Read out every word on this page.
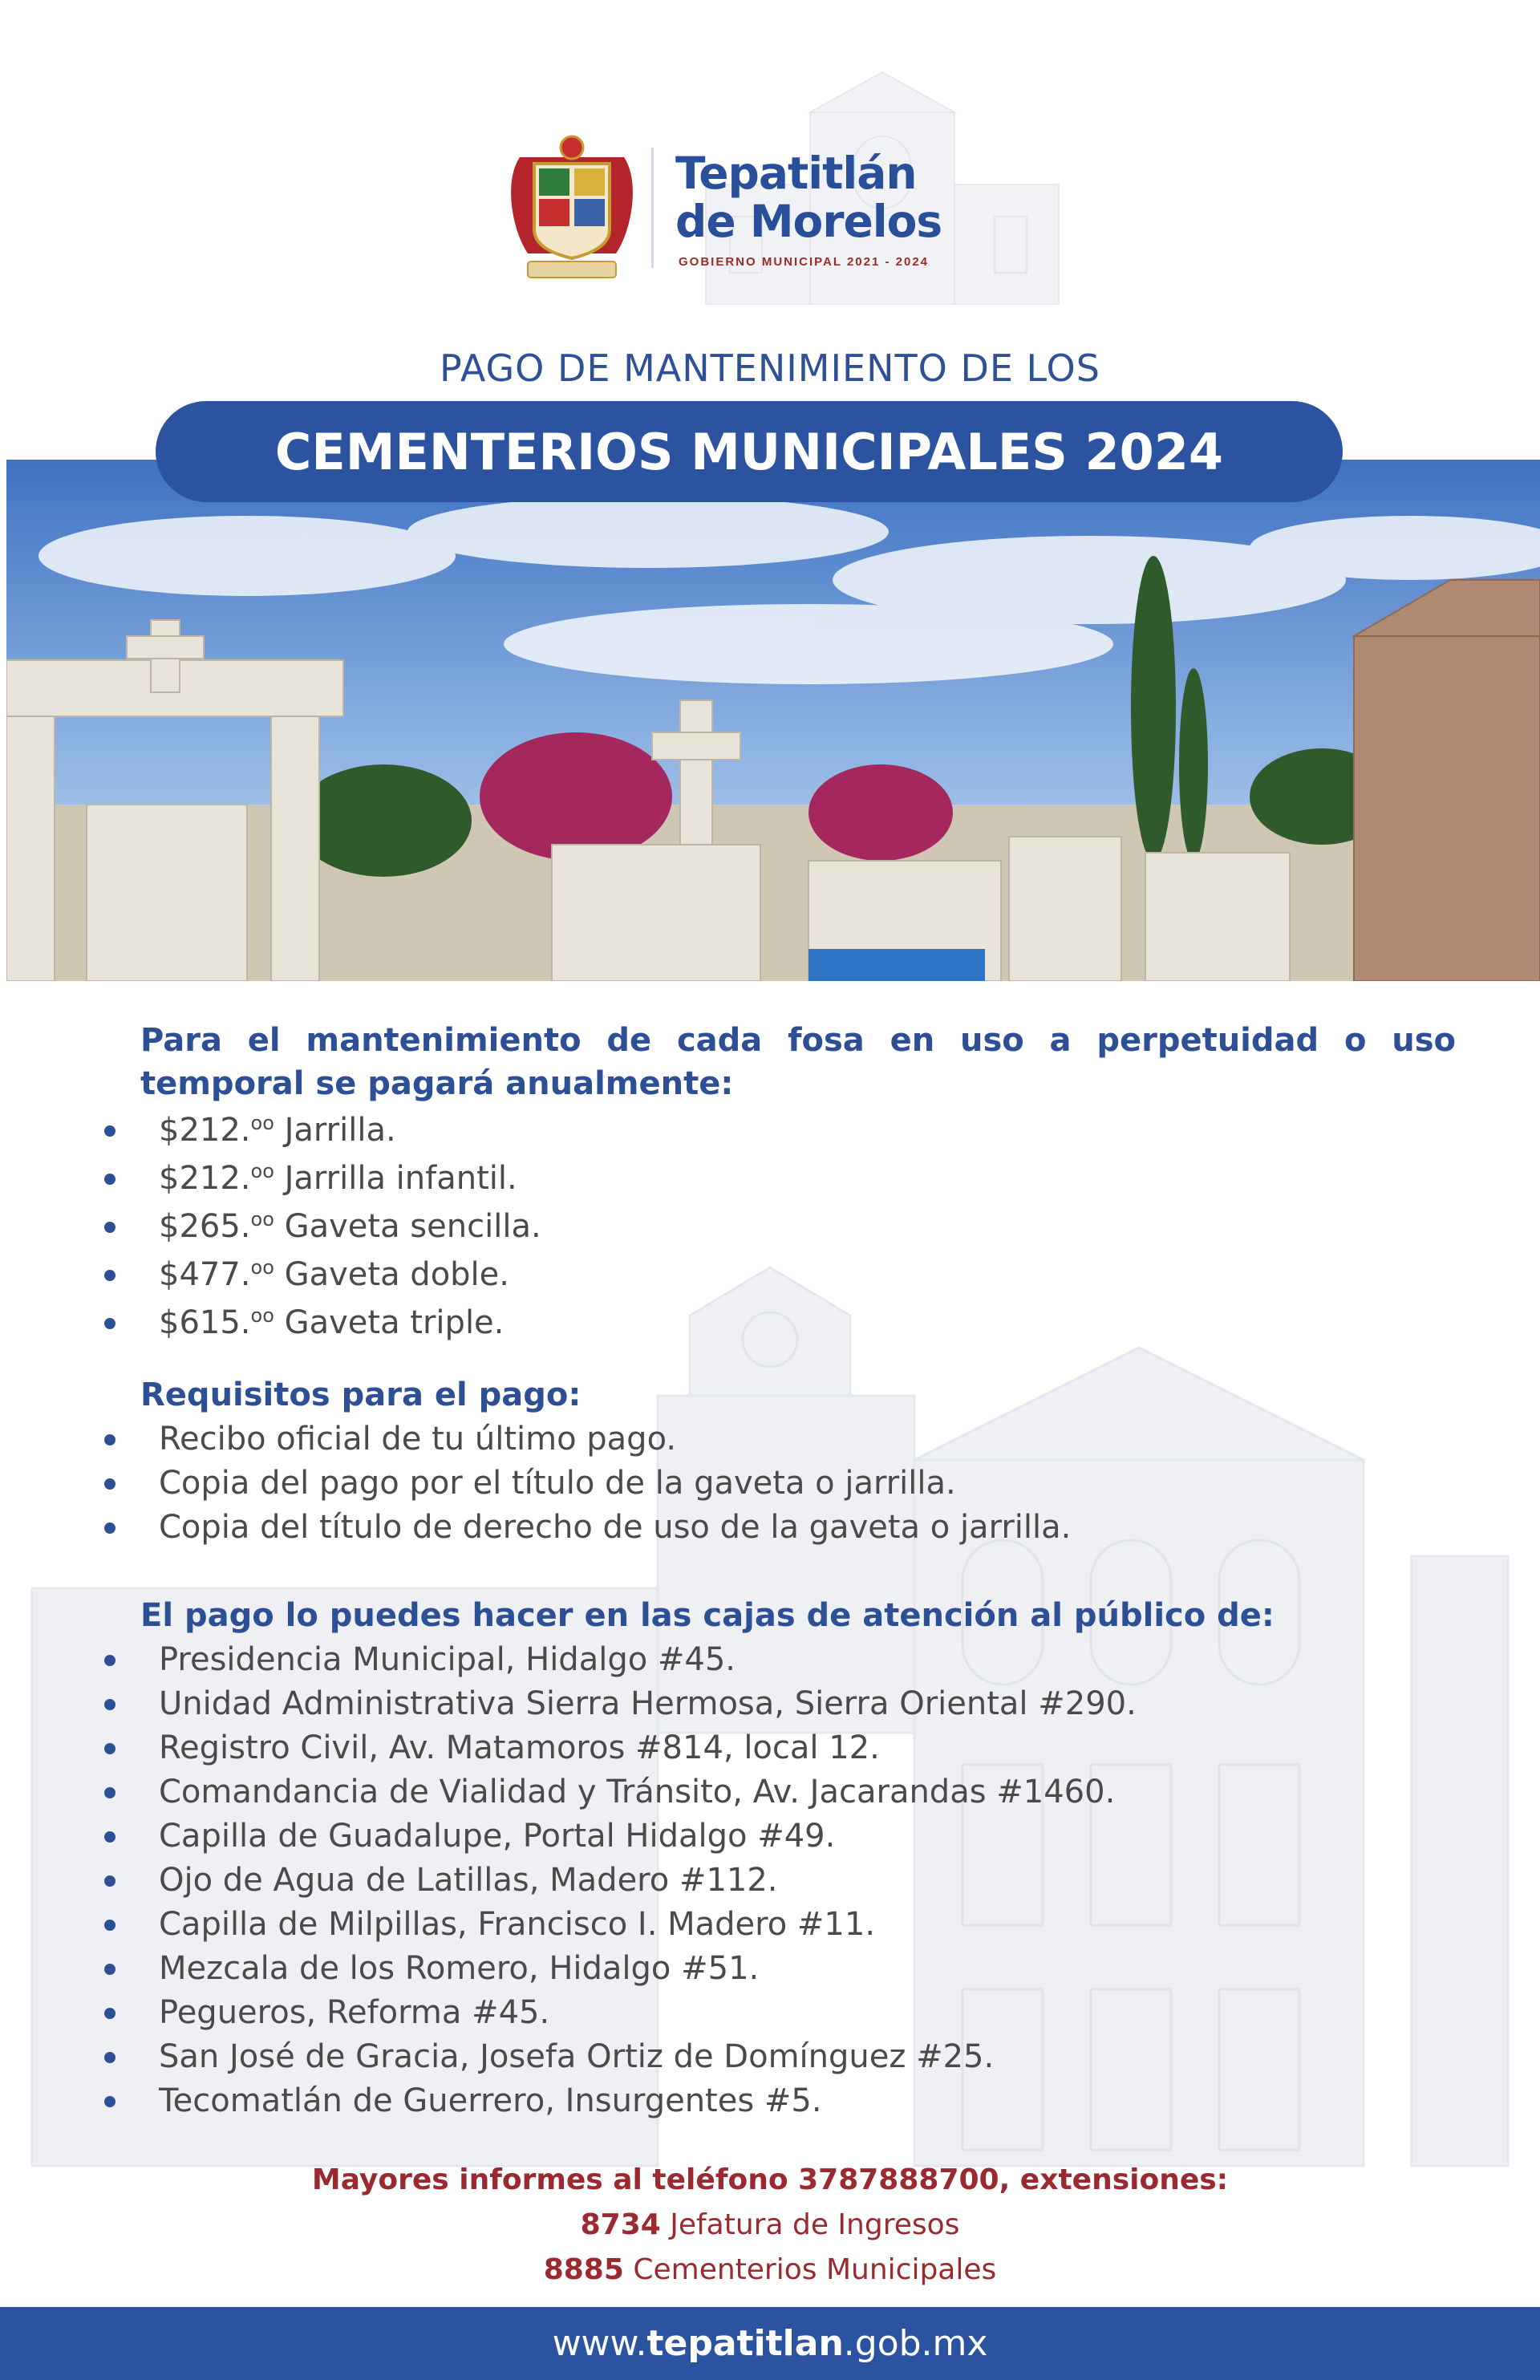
Tepatitlán
de Morelos
GOBIERNO MUNICIPAL 2021 - 2024
PAGO DE MANTENIMIENTO DE LOS
CEMENTERIOS MUNICIPALES 2024
Para el mantenimiento de cada fosa en uso a perpetuidad o uso temporal se pagará anualmente:
$212.$^{oo}$ Jarrilla.
$212.$^{oo}$ Jarrilla infantil.
$265.$^{oo}$ Gaveta sencilla.
$477.$^{oo}$ Gaveta doble.
$615.$^{oo}$ Gaveta triple.
Requisitos para el pago:
Recibo oficial de tu último pago.
Copia del pago por el título de la gaveta o jarrilla.
Copia del título de derecho de uso de la gaveta o jarrilla.
El pago lo puedes hacer en las cajas de atención al público de:
Presidencia Municipal, Hidalgo #45.
Unidad Administrativa Sierra Hermosa, Sierra Oriental #290.
Registro Civil, Av. Matamoros #814, local 12.
Comandancia de Vialidad y Tránsito, Av. Jacarandas #1460.
Capilla de Guadalupe, Portal Hidalgo #49.
Ojo de Agua de Latillas, Madero #112.
Capilla de Milpillas, Francisco I. Madero #11.
Mezcala de los Romero, Hidalgo #51.
Pegueros, Reforma #45.
San José de Gracia, Josefa Ortiz de Domínguez #25.
Tecomatlán de Guerrero, Insurgentes #5.
Mayores informes al teléfono 3787888700, extensiones:
8734 Jefatura de Ingresos
8885 Cementerios Municipales
www.tepatitlan.gob.mx
